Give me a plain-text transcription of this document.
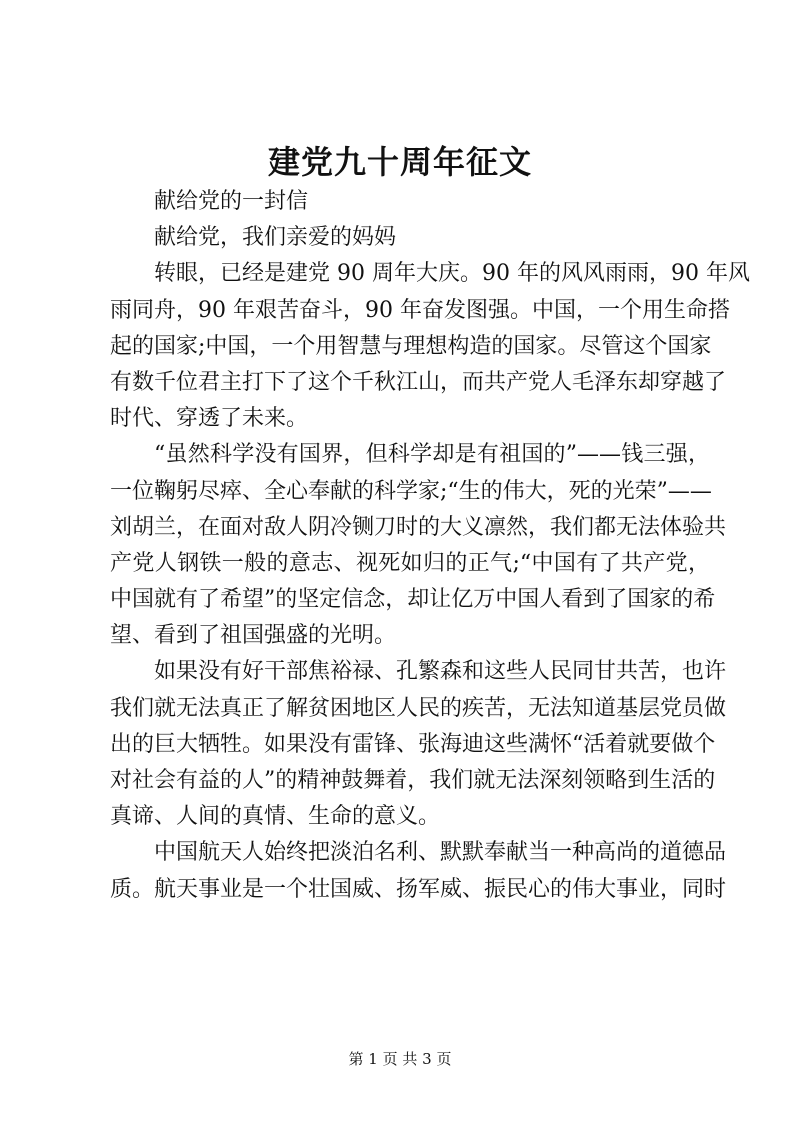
建党九十周年征文
献给党的一封信
献给党，我们亲爱的妈妈
转眼，已经是建党 90 周年大庆。90 年的风风雨雨，90 年风
雨同舟，90 年艰苦奋斗，90 年奋发图强。中国，一个用生命搭
起的国家;中国，一个用智慧与理想构造的国家。尽管这个国家
有数千位君主打下了这个千秋江山，而共产党人毛泽东却穿越了
时代、穿透了未来。
“虽然科学没有国界，但科学却是有祖国的”——钱三强，
一位鞠躬尽瘁、全心奉献的科学家;“生的伟大，死的光荣”——
刘胡兰，在面对敌人阴冷铡刀时的大义凛然，我们都无法体验共
产党人钢铁一般的意志、视死如归的正气;“中国有了共产党，
中国就有了希望”的坚定信念，却让亿万中国人看到了国家的希
望、看到了祖国强盛的光明。
如果没有好干部焦裕禄、孔繁森和这些人民同甘共苦，也许
我们就无法真正了解贫困地区人民的疾苦，无法知道基层党员做
出的巨大牺牲。如果没有雷锋、张海迪这些满怀“活着就要做个
对社会有益的人”的精神鼓舞着，我们就无法深刻领略到生活的
真谛、人间的真情、生命的意义。
中国航天人始终把淡泊名利、默默奉献当一种高尚的道德品
质。航天事业是一个壮国威、扬军威、振民心的伟大事业，同时
第 1 页 共 3 页
